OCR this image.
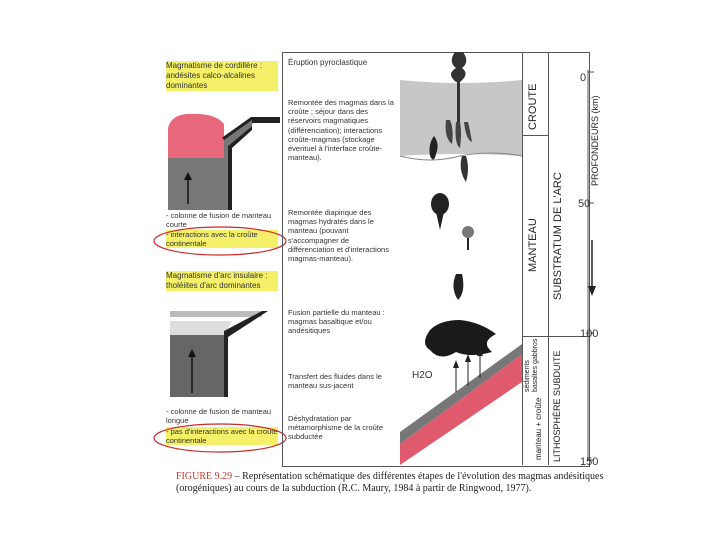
Magmatisme de cordillère : andésites calco-alcalines dominantes
- colonne de fusion de manteau courte
- interactions avec la croûte continentale
Magmatisme d'arc insulaire : tholéiites d'arc dominantes
- colonne de fusion de manteau longue
- pas d'interactions avec la croûte continentale
Éruption pyroclastique
Remontée des magmas dans la croûte ; séjour dans des réservoirs magmatiques (différenciation); interactions croûte-magmas (stockage éventuel à l'interface croûte-manteau).
Remontée diapirique des magmas hydratés dans le manteau (pouvant s'accompagner de différenciation et d'interactions magmas-manteau).
Fusion partielle du manteau : magmas basaltique et/ou andésitiques
Transfert des fluides dans le manteau sus-jacent
Déshydratation par métamorphisme de la croûte subductée
H2O
CROUTE
MANTEAU SUBSTRATUM DE L'ARC
sédiments basaltes gabbros
manteau + croûte LITHOSPHÈRE SUBDUITE
PROFONDEURS (km)
0
50
100
150
FIGURE 9.29 – Représentation schématique des différentes étapes de l'évolution des magmas andésitiques (orogéniques) au cours de la subduction (R.C. Maury, 1984 à partir de Ringwood, 1977).
